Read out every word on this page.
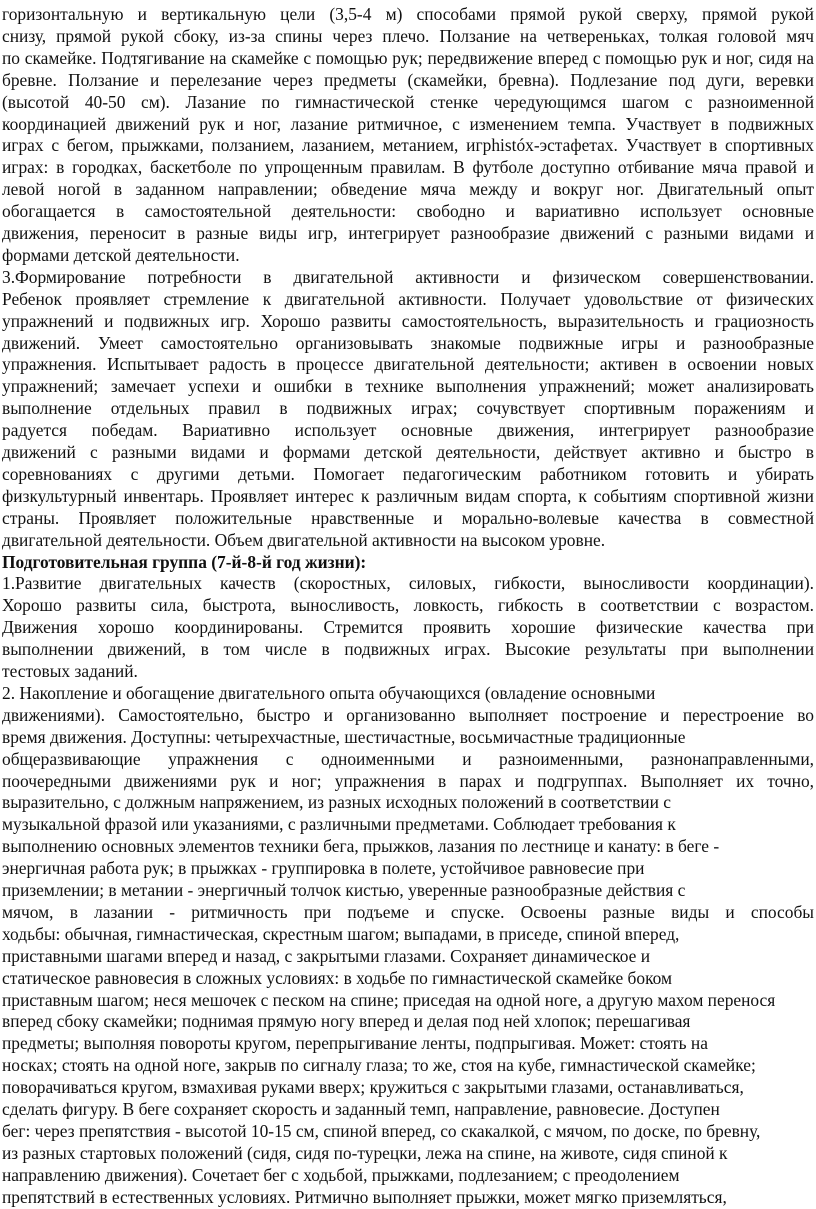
горизонтальную и вертикальную цели (3,5-4 м) способами прямой рукой сверху, прямой рукой
снизу, прямой рукой сбоку, из-за спины через плечо. Ползание на четвереньках, толкая головой мяч
по скамейке. Подтягивание на скамейке с помощью рук; передвижение вперед с помощью рук и ног, сидя на
бревне. Ползание и перелезание через предметы (скамейки, бревна). Подлезание под дуги, веревки
(высотой 40-50 см). Лазание по гимнастической стенке чередующимся шагом с разноименной
координацией движений рук и ног, лазание ритмичное, с изменением темпа. Участвует в подвижных
играх с бегом, прыжками, ползанием, лазанием, метанием, игрhistóx-эстафетах. Участвует в спортивных
играх: в городках, баскетболе по упрощенным правилам. В футболе доступно отбивание мяча правой и
левой ногой в заданном направлении; обведение мяча между и вокруг ног. Двигательный опыт
обогащается в самостоятельной деятельности: свободно и вариативно использует основные
движения, переносит в разные виды игр, интегрирует разнообразие движений с разными видами и
формами детской деятельности.
3.Формирование потребности в двигательной активности и физическом совершенствовании.
Ребенок проявляет стремление к двигательной активности. Получает удовольствие от физических
упражнений и подвижных игр. Хорошо развиты самостоятельность, выразительность и грациозность
движений. Умеет самостоятельно организовывать знакомые подвижные игры и разнообразные
упражнения. Испытывает радость в процессе двигательной деятельности; активен в освоении новых
упражнений; замечает успехи и ошибки в технике выполнения упражнений; может анализировать
выполнение отдельных правил в подвижных играх; сочувствует спортивным поражениям и
радуется победам. Вариативно использует основные движения, интегрирует разнообразие
движений с разными видами и формами детской деятельности, действует активно и быстро в
соревнованиях с другими детьми. Помогает педагогическим работником готовить и убирать
физкультурный инвентарь. Проявляет интерес к различным видам спорта, к событиям спортивной жизни
страны. Проявляет положительные нравственные и морально-волевые качества в совместной
двигательной деятельности. Объем двигательной активности на высоком уровне.
Подготовительная группа (7-й-8-й год жизни):
1.Развитие двигательных качеств (скоростных, силовых, гибкости, выносливости координации).
Хорошо развиты сила, быстрота, выносливость, ловкость, гибкость в соответствии с возрастом.
Движения хорошо координированы. Стремится проявить хорошие физические качества при
выполнении движений, в том числе в подвижных играх. Высокие результаты при выполнении
тестовых заданий.
2. Накопление и обогащение двигательного опыта обучающихся (овладение основными
движениями). Самостоятельно, быстро и организованно выполняет построение и перестроение во
время движения. Доступны: четырехчастные, шестичастные, восьмичастные традиционные
общеразвивающие упражнения с одноименными и разноименными, разнонаправленными,
поочередными движениями рук и ног; упражнения в парах и подгруппах. Выполняет их точно,
выразительно, с должным напряжением, из разных исходных положений в соответствии с
музыкальной фразой или указаниями, с различными предметами. Соблюдает требования к
выполнению основных элементов техники бега, прыжков, лазания по лестнице и канату: в беге -
энергичная работа рук; в прыжках - группировка в полете, устойчивое равновесие при
приземлении; в метании - энергичный толчок кистью, уверенные разнообразные действия с
мячом, в лазании - ритмичность при подъеме и спуске. Освоены разные виды и способы
ходьбы: обычная, гимнастическая, скрестным шагом; выпадами, в приседе, спиной вперед,
приставными шагами вперед и назад, с закрытыми глазами. Сохраняет динамическое и
статическое равновесия в сложных условиях: в ходьбе по гимнастической скамейке боком
приставным шагом; неся мешочек с песком на спине; приседая на одной ноге, а другую махом перенося
вперед сбоку скамейки; поднимая прямую ногу вперед и делая под ней хлопок; перешагивая
предметы; выполняя повороты кругом, перепрыгивание ленты, подпрыгивая. Может: стоять на
носках; стоять на одной ноге, закрыв по сигналу глаза; то же, стоя на кубе, гимнастической скамейке;
поворачиваться кругом, взмахивая руками вверх; кружиться с закрытыми глазами, останавливаться,
сделать фигуру. В беге сохраняет скорость и заданный темп, направление, равновесие. Доступен
бег: через препятствия - высотой 10-15 см, спиной вперед, со скакалкой, с мячом, по доске, по бревну,
из разных стартовых положений (сидя, сидя по-турецки, лежа на спине, на животе, сидя спиной к
направлению движения). Сочетает бег с ходьбой, прыжками, подлезанием; с преодолением
препятствий в естественных условиях. Ритмично выполняет прыжки, может мягко приземляться,
